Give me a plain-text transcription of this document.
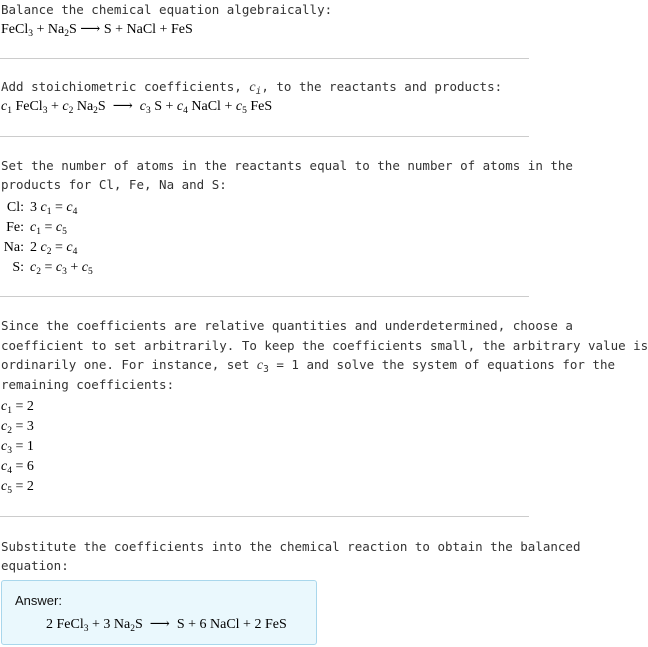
Balance the chemical equation algebraically:
FeCl$_3$ + $Na_2S$ ⟶ S + NaCl + FeS
Add stoichiometric coefficients, $c_i$, to the reactants and products:
$c_1$ FeCl$_3$ + $c_2$ $Na_2S$  ⟶  $c_3$ $S + c_4$ NaCl + $c_5$ FeS
Set the number of atoms in the reactants equal to the number of atoms in the
products for Cl, Fe, Na and S:
Cl: 3 $c_1 = c_4$
Fe: $c_1 = c_5$
Na: 2 $c_2 = c_4$
S: $c_2 = c_3 + c_5$
Since the coefficients are relative quantities and underdetermined, choose a
coefficient to set arbitrarily. To keep the coefficients small, the arbitrary value is
ordinarily one. For instance, set $c_3 = 1$ and solve the system of equations for the
remaining coefficients:
$c_1 = 2$
$c_2 = 3$
$c_3 = 1$
$c_4 = 6$
$c_5 = 2$
Substitute the coefficients into the chemical reaction to obtain the balanced
equation:
Answer:
2 FeCl$_3$ + 3 $Na_2S$  ⟶  S + 6 NaCl + 2 FeS
